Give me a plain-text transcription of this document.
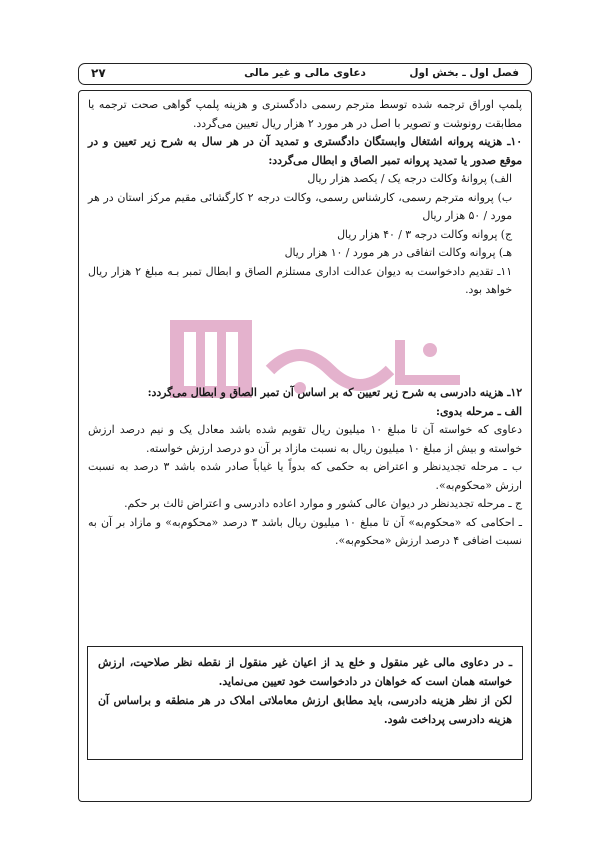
فصل اول ـ بخش اول
دعاوی مالی و غیر مالی
۲۷

پلمپ اوراق ترجمه شده توسط مترجم رسمی دادگستری و هزینه پلمپ گواهی صحت ترجمه یا مطابقت رونوشت و تصویر با اصل در هر مورد ۲ هزار ریال تعیین می‌گردد.

۱۰ـ هزینه پروانه اشتغال وابستگان دادگستری و تمدید آن در هر سال به شرح زیر تعیین و در موقع صدور یا تمدید پروانه تمبر الصاق و ابطال می‌گردد:

الف) پروانهٔ وکالت درجه یک / یکصد هزار ریال

ب) پروانه مترجم رسمی، کارشناس رسمی، وکالت درجه ۲ کارگشائی مقیم مرکز استان در هر مورد / ۵۰ هزار ریال

ج) پروانه وکالت درجه ۳ / ۴۰ هزار ریال

هـ) پروانه وکالت اتفاقی در هر مورد / ۱۰ هزار ریال

۱۱ـ تقدیم دادخواست به دیوان عدالت اداری مستلزم الصاق و ابطال تمبر بـه مبلغ ۲ هزار ریال خواهد بود.

۱۲ـ هزینه دادرسی به شرح زیر تعیین که بر اساس آن تمبر الصاق و ابطال می‌گردد:

الف ـ مرحله بدوی:

دعاوی که خواسته آن تا مبلغ ۱۰ میلیون ریال تقویم شده باشد معادل یک و نیم درصد ارزش خواسته و بیش از مبلغ ۱۰ میلیون ریال به نسبت مازاد بر آن دو درصد ارزش خواسته.

ب ـ مرحله تجدیدنظر و اعتراض به حکمی که بدواً یا غیاباً صادر شده باشد ۳ درصد به نسبت ارزش «محکوم‌به».

ج ـ مرحله تجدیدنظر در دیوان عالی کشور و موارد اعاده دادرسی و اعتراض ثالث بر حکم.

ـ احکامی که «محکوم‌به» آن تا مبلغ ۱۰ میلیون ریال باشد ۳ درصد «محکوم‌به» و مازاد بر آن به نسبت اضافی ۴ درصد ارزش «محکوم‌به».

ـ در دعاوی مالی غیر منقول و خلع ید از اعیان غیر منقول از نقطه نظر صلاحیت، ارزش خواسته همان است که خواهان در دادخواست خود تعیین می‌نماید.

لکن از نظر هزینه دادرسی، باید مطابق ارزش معاملاتی املاک در هر منطقه و براساس آن هزینه دادرسی پرداخت شود.
